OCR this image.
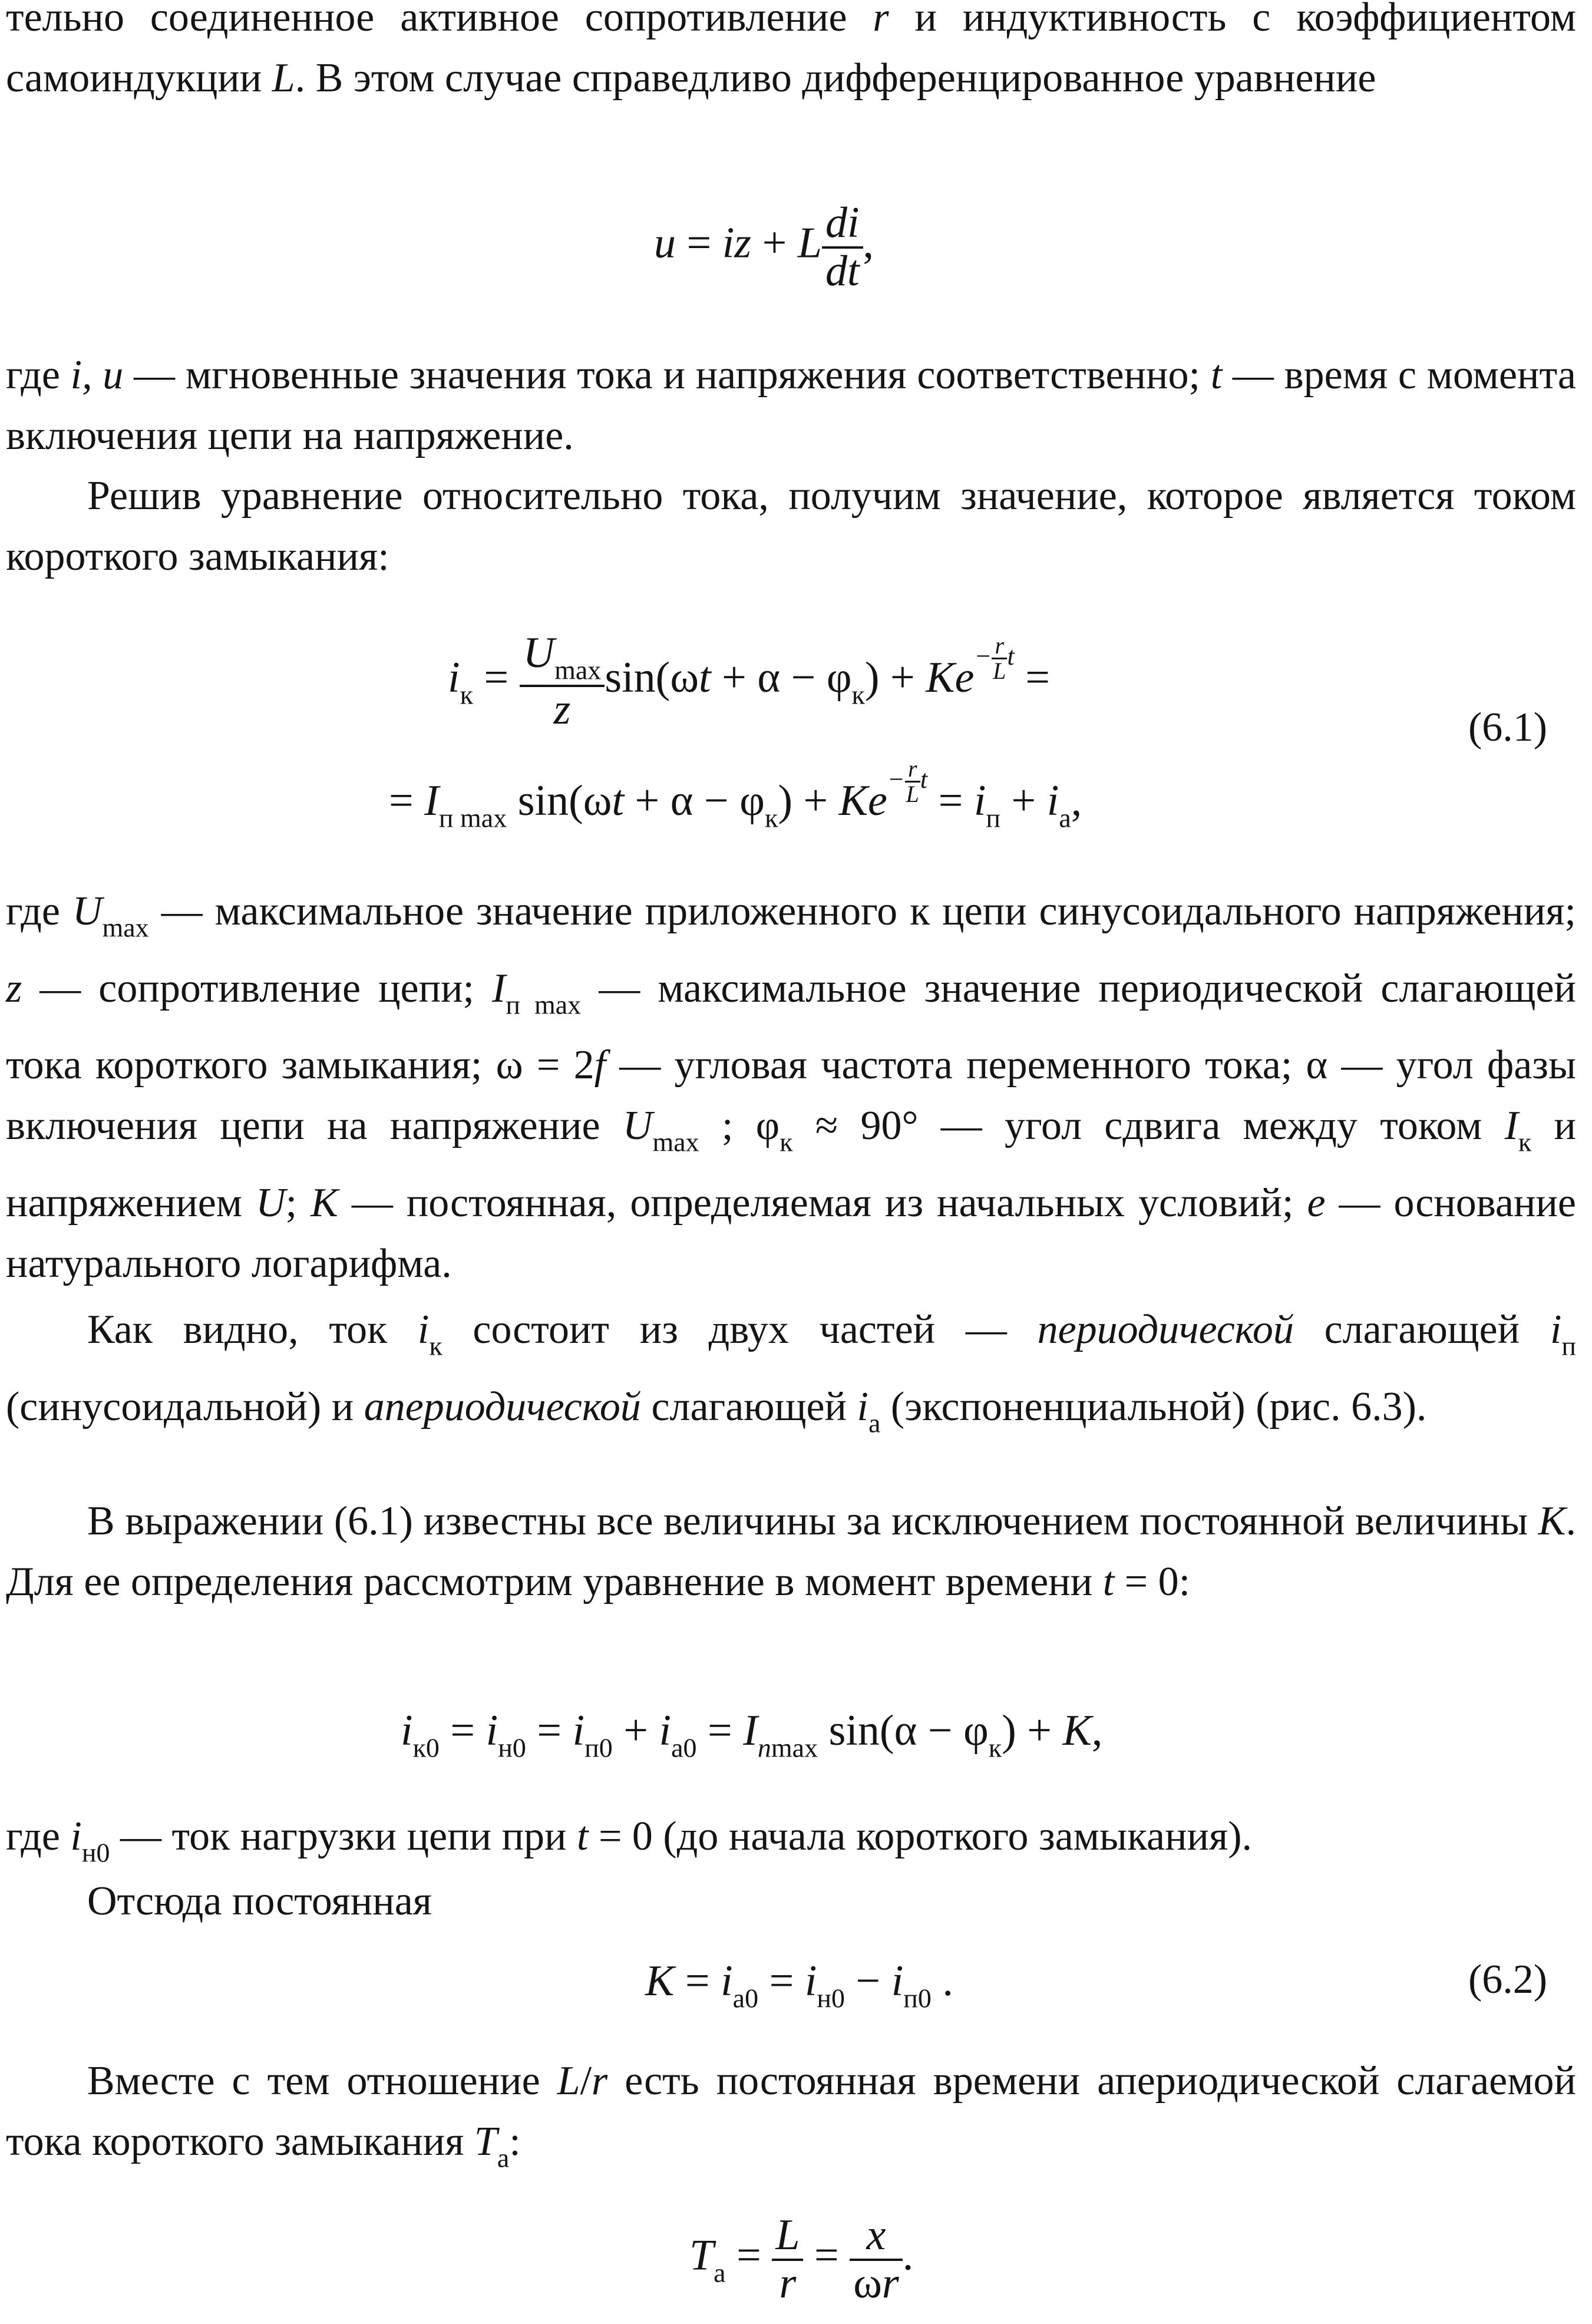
тельно соединенное активное сопротивление r и индуктивность с коэффициентом самоиндукции L. В этом случае справедливо дифференцированное уравнение

u = iz + L $\frac{di}{dt}$ ,

где i, u — мгновенные значения тока и напряжения соответственно; t — время с момента включения цепи на напряжение.

Решив уравнение относительно тока, получим значение, которое является током короткого замыкания:

$i_к = \frac{U_{max}}{z} \sin(\omega t + \alpha - \varphi_к) + Ke^{- \frac{r}{L} t}$ =
= $I_{п max}$ $\sin(\omega t + \alpha - \varphi_к) + Ke^{- \frac{r}{L} t} = i_п + i_а$,
(6.1)

где $U_{max}$ — максимальное значение приложенного к цепи синусоидального напряжения; z — сопротивление цепи; $I_{п max}$ — максимальное значение периодической слагающей тока короткого замыкания; ω = 2f — угловая частота переменного тока; α — угол фазы включения цепи на напряжение $U_{max}$ ; $\varphi_к \approx 90^\circ$ — угол сдвига между током $I_к$ и напряжением U; K — постоянная, определяемая из начальных условий; e — основание натурального логарифма.

Как видно, ток $i_к$ состоит из двух частей — периодической слагающей $i_п$ (синусоидальной) и апериодической слагающей $i_а$ (экспоненциальной) (рис. 6.3).

В выражении (6.1) известны все величины за исключением постоянной величины K. Для ее определения рассмотрим уравнение в момент времени t = 0:

$i_{к0} = i_{н0} = i_{п0} + i_{а0} = I_{nmax}$ $\sin(\alpha - \varphi_к) + K$,

где $i_{н0}$ — ток нагрузки цепи при t = 0 (до начала короткого замыкания).

Отсюда постоянная

$K = i_{а0} = i_{н0} - i_{п0}$ .	(6.2)

Вместе с тем отношение L/r есть постоянная времени апериодической слагаемой тока короткого замыкания $T_а$:

$T_а = \frac{L}{r} = \frac{x}{\omega r}$ .
